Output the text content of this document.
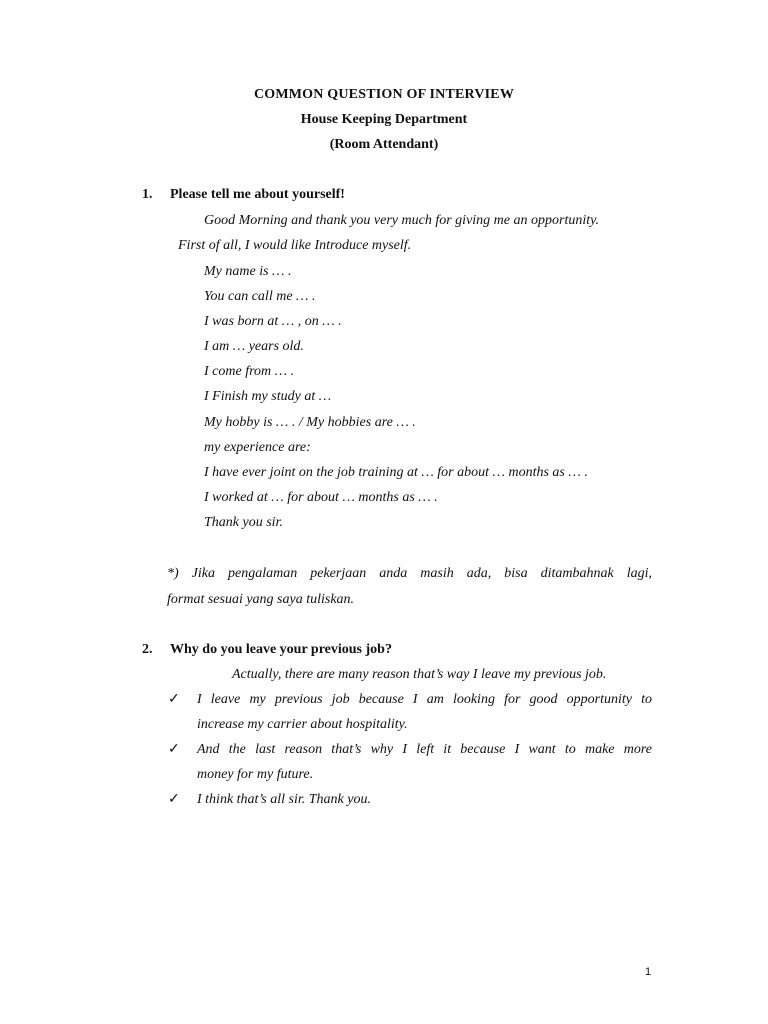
COMMON QUESTION OF INTERVIEW
House Keeping Department
(Room Attendant)
1. Please tell me about yourself!
Good Morning and thank you very much for giving me an opportunity.
First of all, I would like Introduce myself.
My name is … .
You can call me … .
I was born at … , on … .
I am … years old.
I come from … .
I Finish my study at …
My hobby is … . / My hobbies are … .
my experience are:
I have ever joint on the job training at … for about … months as … .
I worked at … for about … months as … .
Thank you sir.
*) Jika pengalaman pekerjaan anda masih ada, bisa ditambahnak lagi,
format sesuai yang saya tuliskan.
2. Why do you leave your previous job?
Actually, there are many reason that’s way I leave my previous job.
✓ I leave my previous job because I am looking for good opportunity to
increase my carrier about hospitality.
✓ And the last reason that’s why I left it because I want to make more
money for my future.
✓ I think that’s all sir. Thank you.
1
